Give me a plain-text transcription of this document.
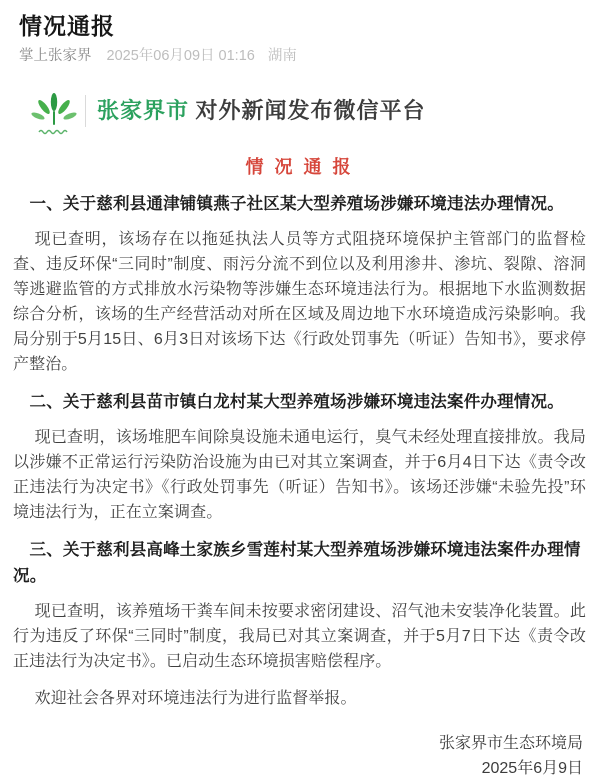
情况通报
掌上张家界 2025年06月09日 01:16 湖南
张家界市 对外新闻发布微信平台
情 况 通 报
一、关于慈利县通津铺镇燕子社区某大型养殖场涉嫌环境违法办理情况。

现已查明，该场存在以拖延执法人员等方式阻挠环境保护主管部门的监督检查、违反环保“三同时”制度、雨污分流不到位以及利用渗井、渗坑、裂隙、溶洞等逃避监管的方式排放水污染物等涉嫌生态环境违法行为。根据地下水监测数据综合分析，该场的生产经营活动对所在区域及周边地下水环境造成污染影响。我局分别于5月15日、6月3日对该场下达《行政处罚事先（听证）告知书》，要求停产整治。

二、关于慈利县苗市镇白龙村某大型养殖场涉嫌环境违法案件办理情况。

现已查明，该场堆肥车间除臭设施未通电运行，臭气未经处理直接排放。我局以涉嫌不正常运行污染防治设施为由已对其立案调查，并于6月4日下达《责令改正违法行为决定书》《行政处罚事先（听证）告知书》。该场还涉嫌“未验先投”环境违法行为，正在立案调查。

三、关于慈利县高峰土家族乡雪莲村某大型养殖场涉嫌环境违法案件办理情况。

现已查明，该养殖场干粪车间未按要求密闭建设、沼气池未安装净化装置。此行为违反了环保“三同时”制度，我局已对其立案调查，并于5月7日下达《责令改正违法行为决定书》。已启动生态环境损害赔偿程序。

欢迎社会各界对环境违法行为进行监督举报。

张家界市生态环境局
2025年6月9日
